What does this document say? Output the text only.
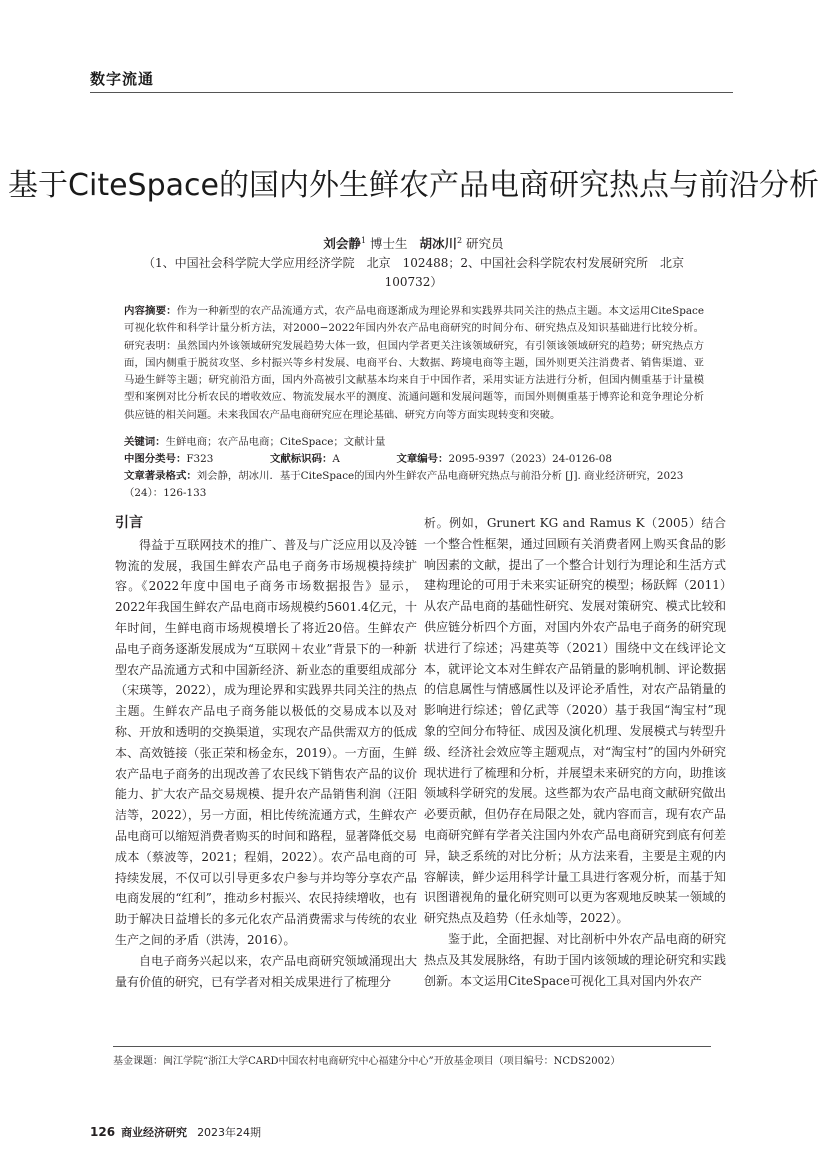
数字流通
基于CiteSpace的国内外生鲜农产品电商研究热点与前沿分析
刘会静$^1$ 博士生 胡冰川$^2$ 研究员
（1、中国社会科学院大学应用经济学院　北京　102488；2、中国社会科学院农村发展研究所　北京　100732）
内容摘要：作为一种新型的农产品流通方式，农产品电商逐渐成为理论界和实践界共同关注的热点主题。本文运用CiteSpace可视化软件和科学计量分析方法，对2000−2022年国内外农产品电商研究的时间分布、研究热点及知识基础进行比较分析。研究表明：虽然国内外该领域研究发展趋势大体一致，但国内学者更关注该领域研究，有引领该领域研究的趋势；研究热点方面，国内侧重于脱贫攻坚、乡村振兴等乡村发展、电商平台、大数据、跨境电商等主题，国外则更关注消费者、销售渠道、亚马逊生鲜等主题；研究前沿方面，国内外高被引文献基本均来自于中国作者，采用实证方法进行分析，但国内侧重基于计量模型和案例对比分析农民的增收效应、物流发展水平的测度、流通问题和发展问题等，而国外则侧重基于博弈论和竞争理论分析供应链的相关问题。未来我国农产品电商研究应在理论基础、研究方向等方面实现转变和突破。
关键词：生鲜电商；农产品电商；CiteSpace；文献计量
中图分类号：F323	文献标识码：A	文章编号：2095-9397（2023）24-0126-08
文章著录格式：刘会静，胡冰川．基于CiteSpace的国内外生鲜农产品电商研究热点与前沿分析 [J]. 商业经济研究，2023（24）：126-133
引言

得益于互联网技术的推广、普及与广泛应用以及冷链物流的发展，我国生鲜农产品电子商务市场规模持续扩容。《2022年度中国电子商务市场数据报告》显示，2022年我国生鲜农产品电商市场规模约5601.4亿元，十年时间，生鲜电商市场规模增长了将近20倍。生鲜农产品电子商务逐渐发展成为“互联网＋农业”背景下的一种新型农产品流通方式和中国新经济、新业态的重要组成部分（宋瑛等，2022），成为理论界和实践界共同关注的热点主题。生鲜农产品电子商务能以极低的交易成本以及对称、开放和透明的交换渠道，实现农产品供需双方的低成本、高效链接（张正荣和杨金东，2019）。一方面，生鲜农产品电子商务的出现改善了农民线下销售农产品的议价能力、扩大农产品交易规模、提升农产品销售利润（汪阳洁等，2022），另一方面，相比传统流通方式，生鲜农产品电商可以缩短消费者购买的时间和路程，显著降低交易成本（蔡波等，2021；程娟，2022）。农产品电商的可持续发展，不仅可以引导更多农户参与并均等分享农产品电商发展的“红利”，推动乡村振兴、农民持续增收，也有助于解决日益增长的多元化农产品消费需求与传统的农业生产之间的矛盾（洪涛，2016）。

自电子商务兴起以来，农产品电商研究领域涌现出大量有价值的研究，已有学者对相关成果进行了梳理分

析。例如，Grunert KG and Ramus K（2005）结合一个整合性框架，通过回顾有关消费者网上购买食品的影响因素的文献，提出了一个整合计划行为理论和生活方式建构理论的可用于未来实证研究的模型；杨跃辉（2011）从农产品电商的基础性研究、发展对策研究、模式比较和供应链分析四个方面，对国内外农产品电子商务的研究现状进行了综述；冯建英等（2021）围绕中文在线评论文本，就评论文本对生鲜农产品销量的影响机制、评论数据的信息属性与情感属性以及评论矛盾性，对农产品销量的影响进行综述；曾亿武等（2020）基于我国“淘宝村”现象的空间分布特征、成因及演化机理、发展模式与转型升级、经济社会效应等主题观点，对“淘宝村”的国内外研究现状进行了梳理和分析，并展望未来研究的方向，助推该领域科学研究的发展。这些都为农产品电商文献研究做出必要贡献，但仍存在局限之处，就内容而言，现有农产品电商研究鲜有学者关注国内外农产品电商研究到底有何差异，缺乏系统的对比分析；从方法来看，主要是主观的内容解读，鲜少运用科学计量工具进行客观分析，而基于知识图谱视角的量化研究则可以更为客观地反映某一领域的研究热点及趋势（任永灿等，2022）。

鉴于此，全面把握、对比剖析中外农产品电商的研究热点及其发展脉络，有助于国内该领域的理论研究和实践创新。本文运用CiteSpace可视化工具对国内外农产

基金课题：闽江学院“浙江大学CARD中国农村电商研究中心福建分中心”开放基金项目（项目编号：NCDS2002）
126 商业经济研究 2023年24期
